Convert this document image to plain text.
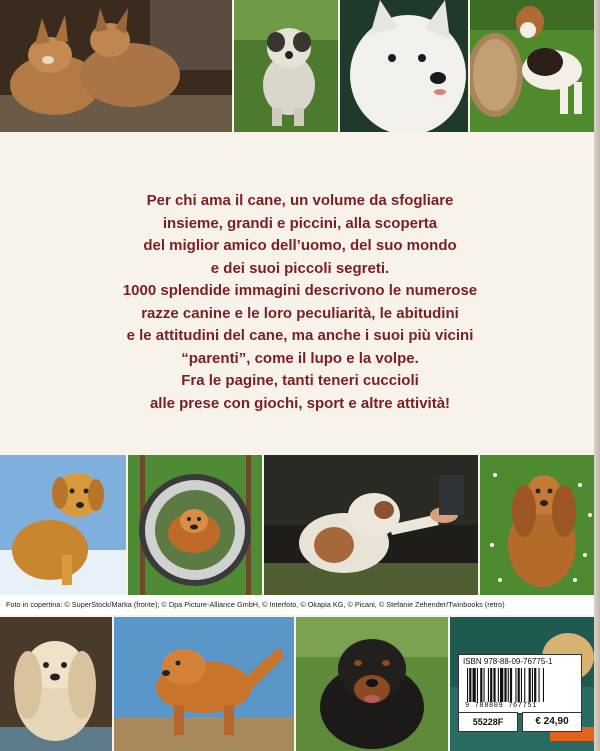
Per chi ama il cane, un volume da sfogliare
insieme, grandi e piccini, alla scoperta
del miglior amico dell’uomo, del suo mondo
e dei suoi piccoli segreti.
1000 splendide immagini descrivono le numerose
razze canine e le loro peculiarità, le abitudini
e le attitudini del cane, ma anche i suoi più vicini
“parenti”, come il lupo e la volpe.
Fra le pagine, tanti teneri cuccioli
alle prese con giochi, sport e altre attività!
Foto in copertina: © SuperStock/Marka (fronte); © Dpa Picture-Alliance GmbH, © Interfoto, © Okapia KG, © Picani, © Stefanie Zehender/Twinbooks (retro)
ISBN 978-88-09-76775-1
9 788809 767751
55228F	€ 24,90
